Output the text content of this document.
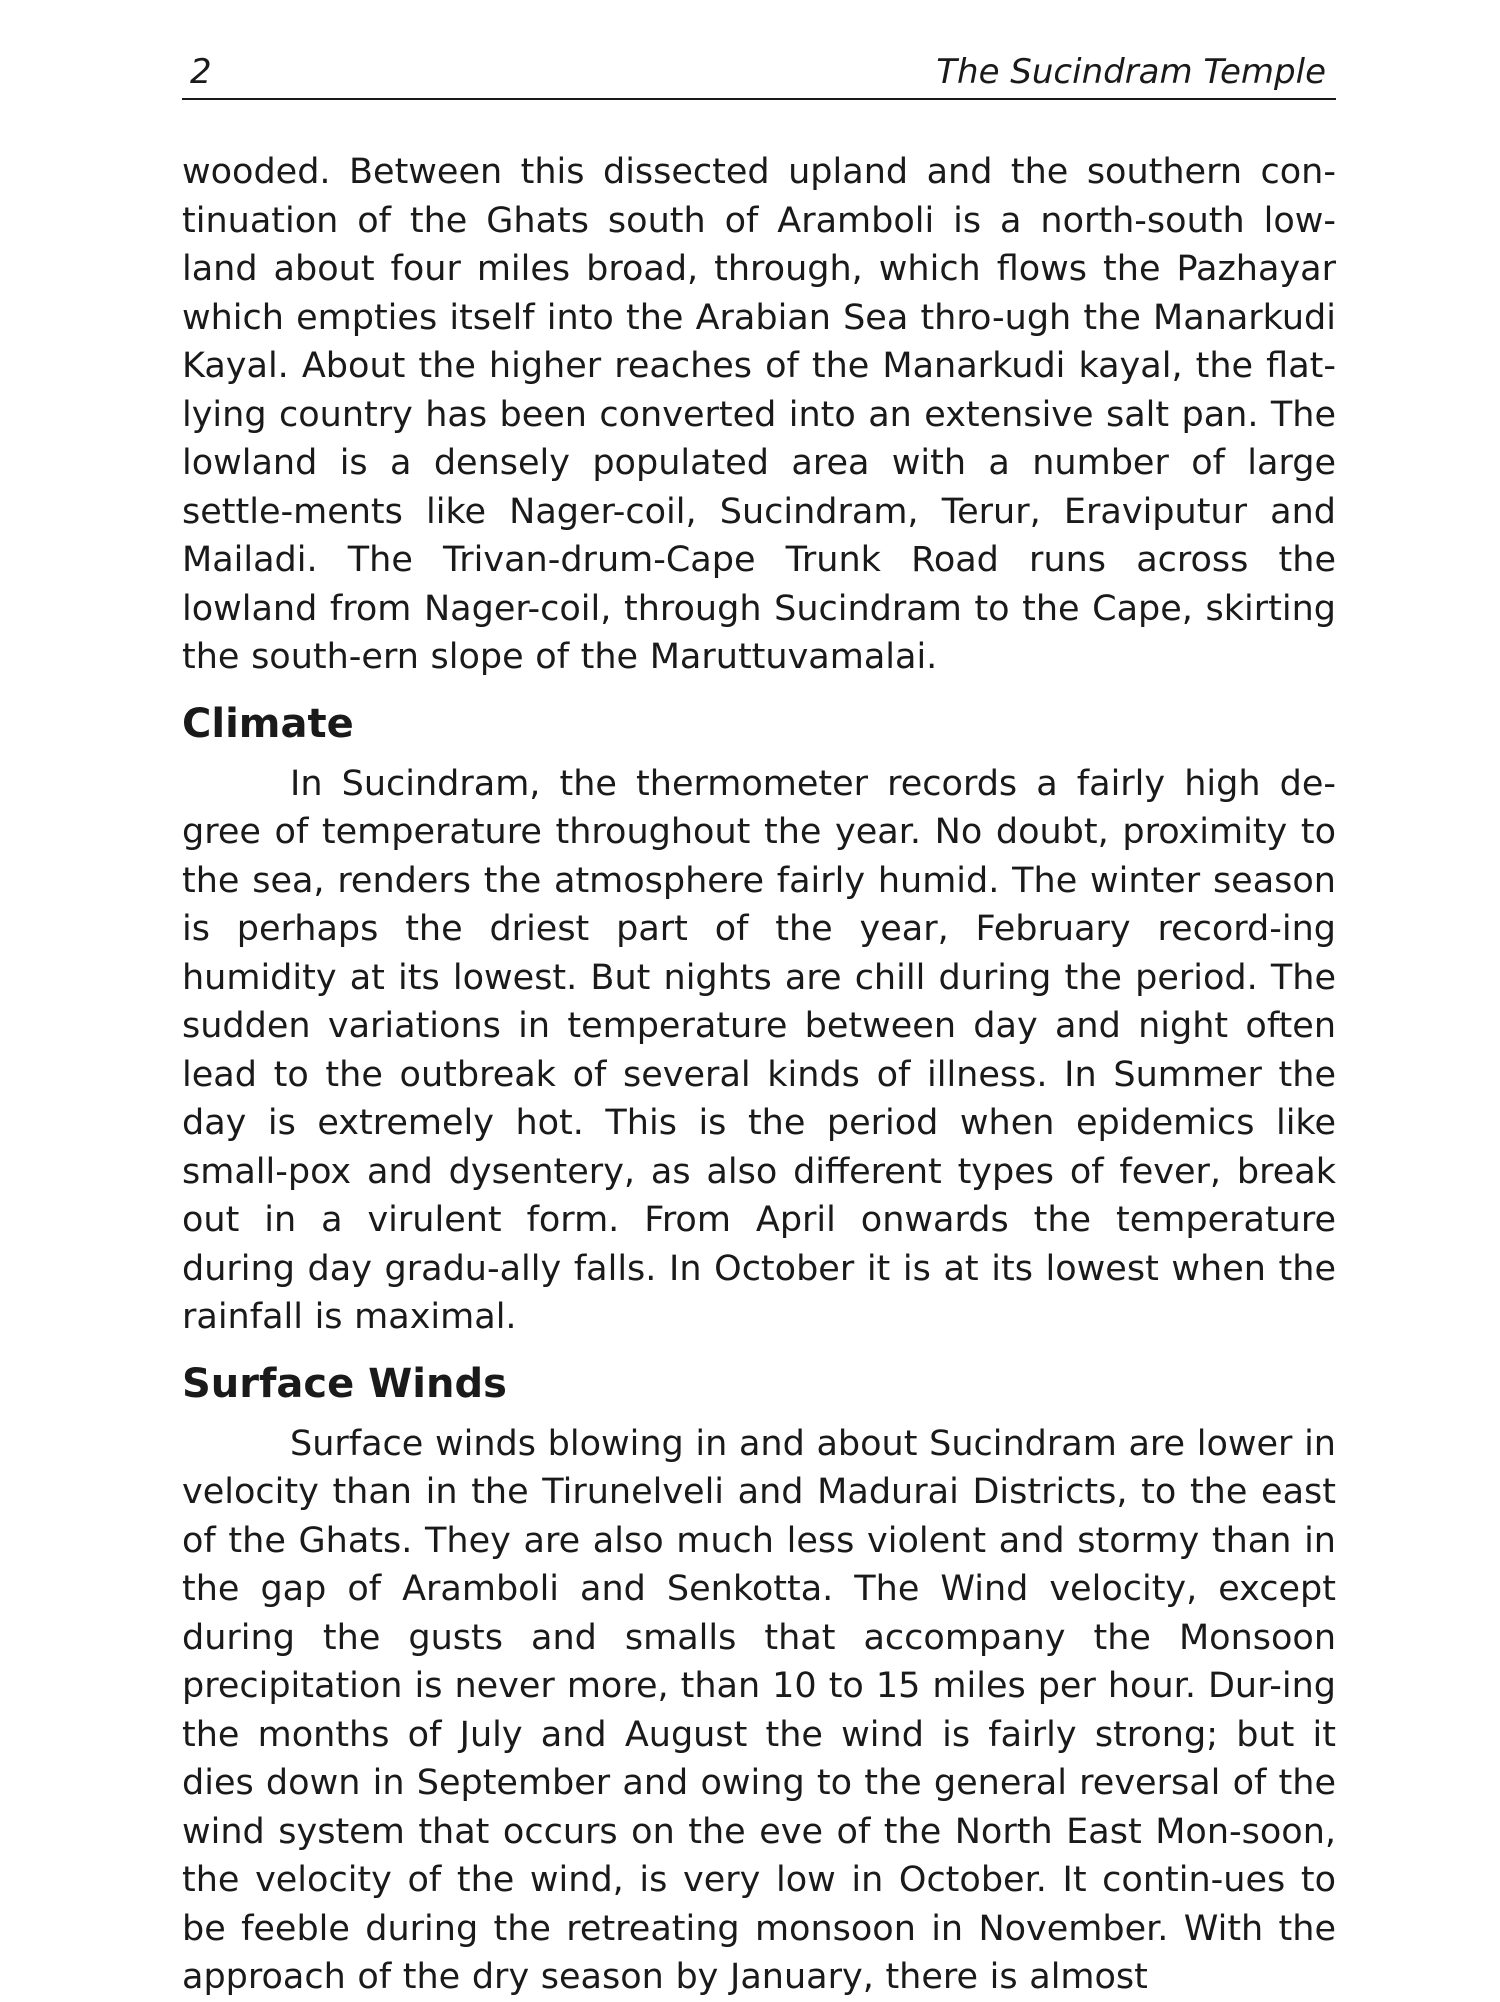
2	The Sucindram Temple

wooded. Between this dissected upland and the southern con-tinuation of the Ghats south of Aramboli is a north-south low-land about four miles broad, through, which flows the Pazhayar which empties itself into the Arabian Sea thro-ugh the Manarkudi Kayal. About the higher reaches of the Manarkudi kayal, the flat-lying country has been converted into an extensive salt pan. The lowland is a densely populated area with a number of large settle-ments like Nager-coil, Sucindram, Terur, Eraviputur and Mailadi. The Trivan-drum-Cape Trunk Road runs across the lowland from Nager-coil, through Sucindram to the Cape, skirting the south-ern slope of the Maruttuvamalai.

Climate

In Sucindram, the thermometer records a fairly high de-gree of temperature throughout the year. No doubt, proximity to the sea, renders the atmosphere fairly humid. The winter season is perhaps the driest part of the year, February record-ing humidity at its lowest. But nights are chill during the period. The sudden variations in temperature between day and night often lead to the outbreak of several kinds of illness. In Summer the day is extremely hot. This is the period when epidemics like small-pox and dysentery, as also different types of fever, break out in a virulent form. From April onwards the temperature during day gradu-ally falls. In October it is at its lowest when the rainfall is maximal.

Surface Winds

Surface winds blowing in and about Sucindram are lower in velocity than in the Tirunelveli and Madurai Districts, to the east of the Ghats. They are also much less violent and stormy than in the gap of Aramboli and Senkotta. The Wind velocity, except during the gusts and smalls that accompany the Monsoon precipitation is never more, than 10 to 15 miles per hour. Dur-ing the months of July and August the wind is fairly strong; but it dies down in September and owing to the general reversal of the wind system that occurs on the eve of the North East Mon-soon, the velocity of the wind, is very low in October. It contin-ues to be feeble during the retreating monsoon in November. With the approach of the dry season by January, there is almost
